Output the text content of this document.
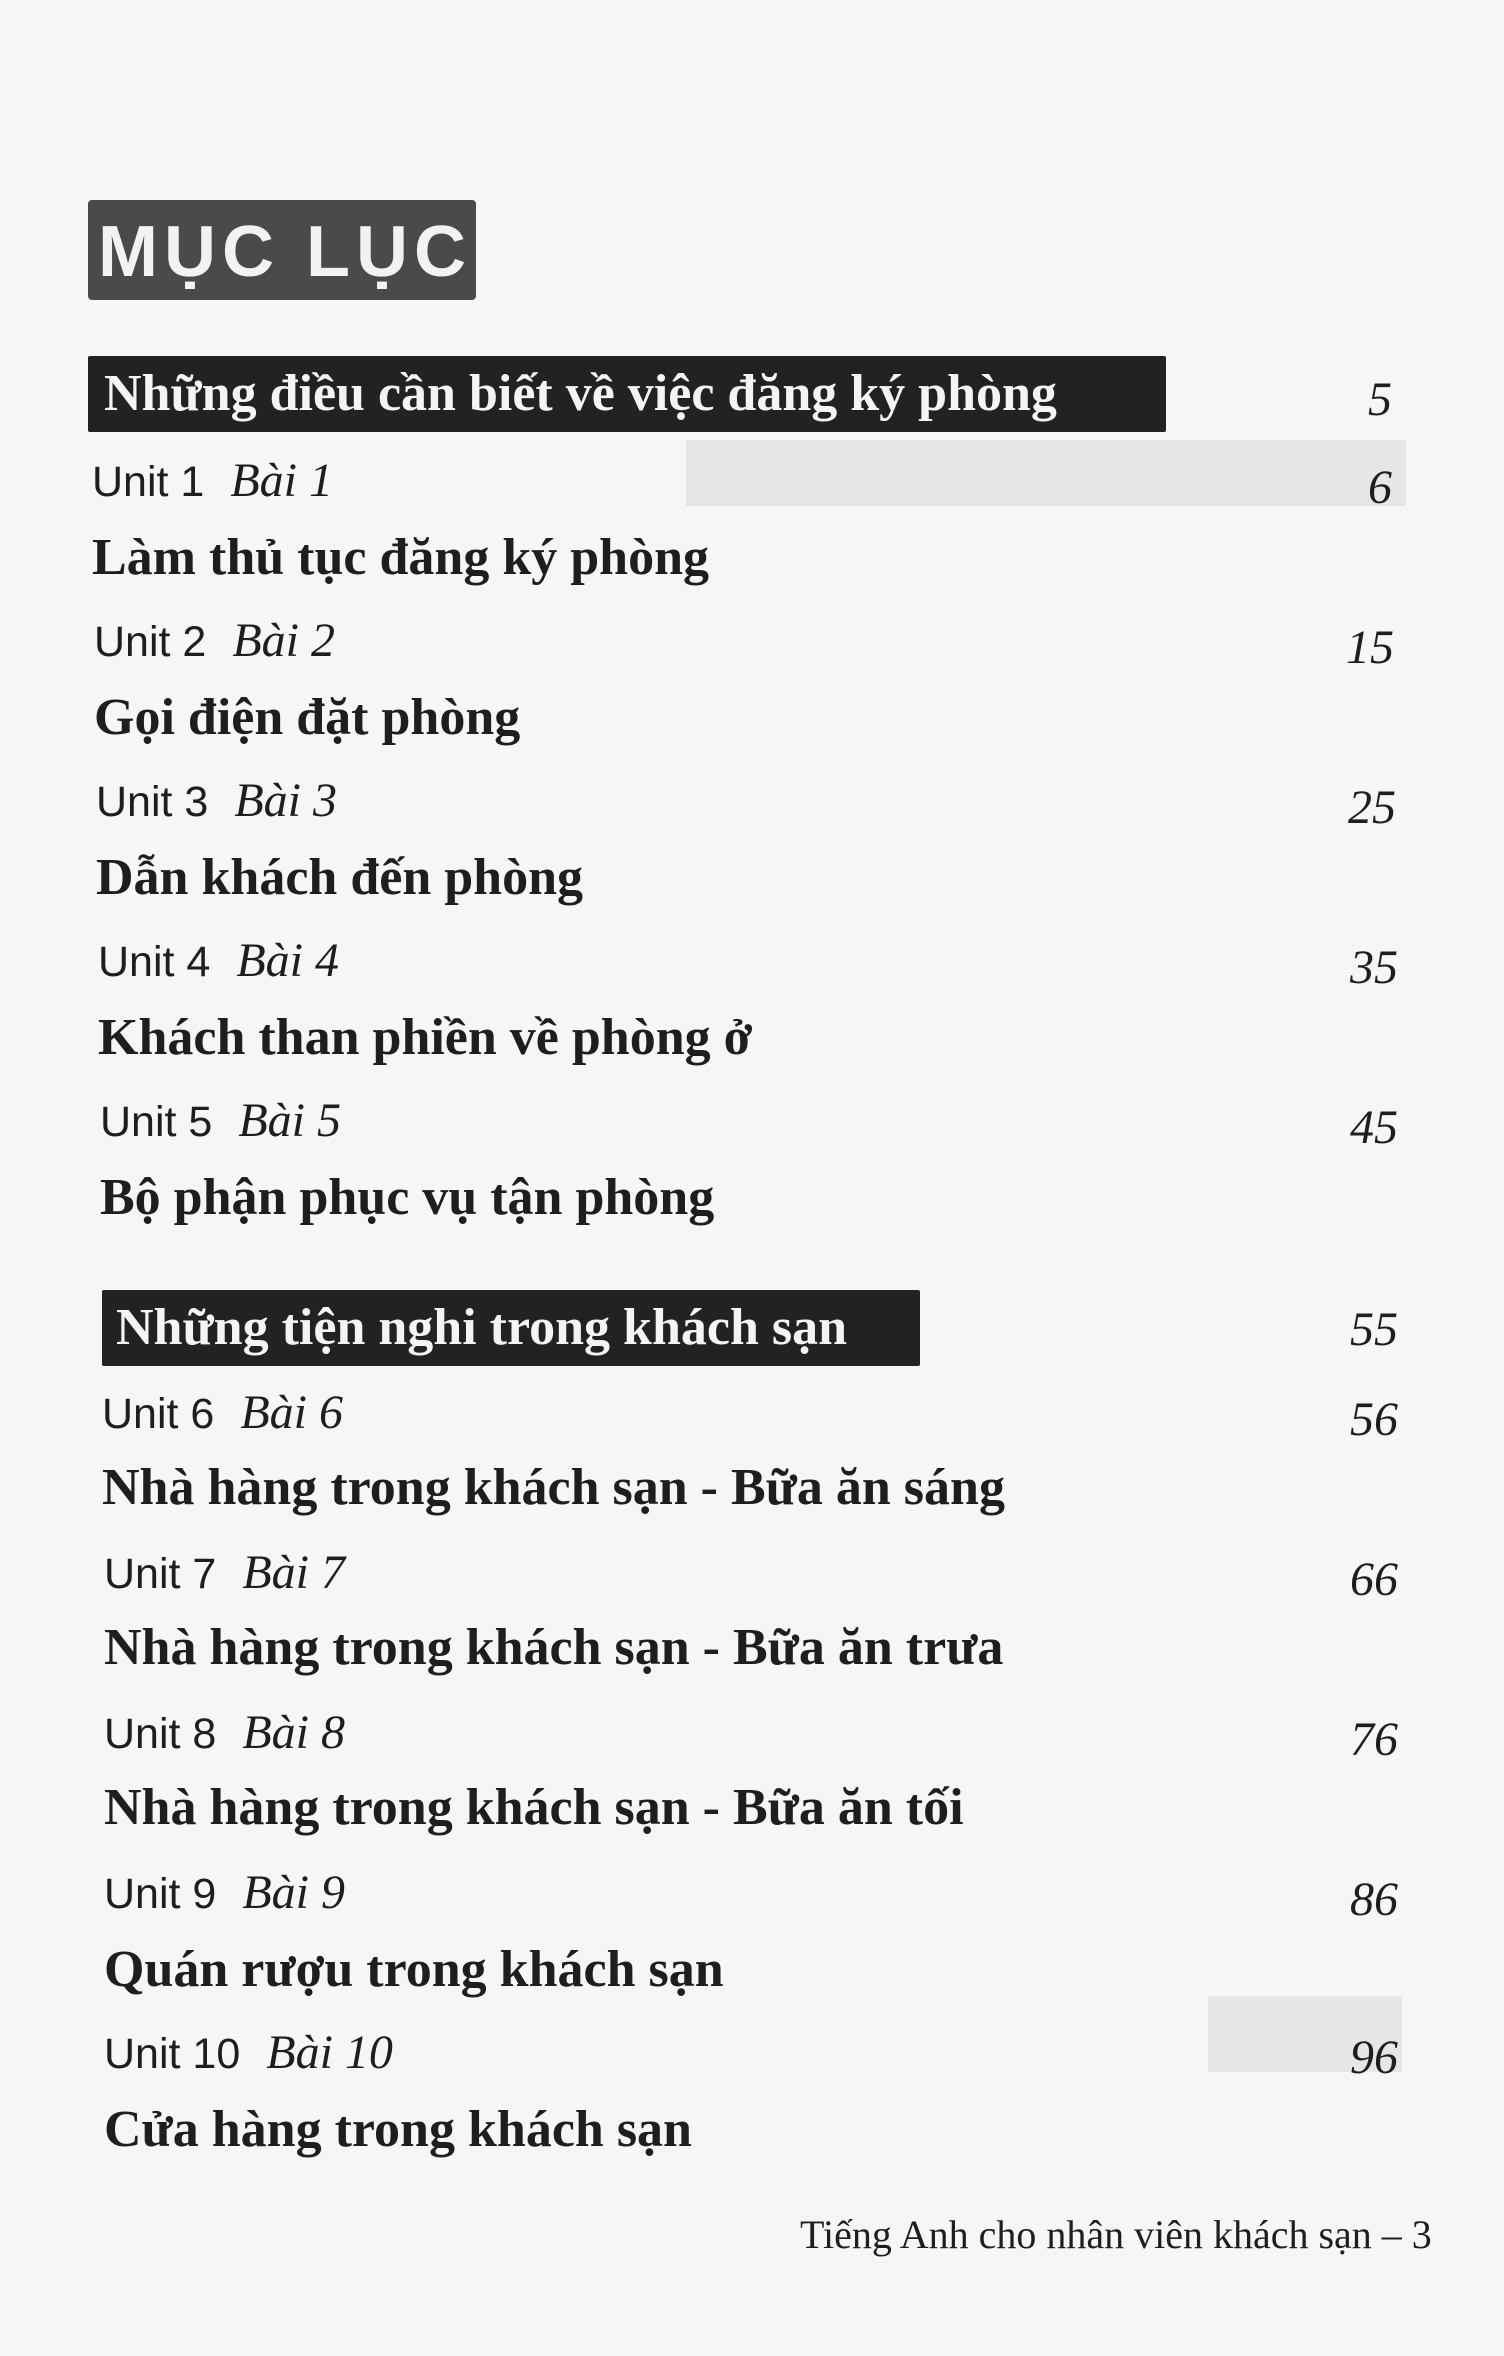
MỤC LỤC
Những điều cần biết về việc đăng ký phòng	5
Unit 1 Bài 1	6
Làm thủ tục đăng ký phòng
Unit 2 Bài 2	15
Gọi điện đặt phòng
Unit 3 Bài 3	25
Dẫn khách đến phòng
Unit 4 Bài 4	35
Khách than phiền về phòng ở
Unit 5 Bài 5	45
Bộ phận phục vụ tận phòng
Những tiện nghi trong khách sạn	55
Unit 6 Bài 6	56
Nhà hàng trong khách sạn - Bữa ăn sáng
Unit 7 Bài 7	66
Nhà hàng trong khách sạn - Bữa ăn trưa
Unit 8 Bài 8	76
Nhà hàng trong khách sạn - Bữa ăn tối
Unit 9 Bài 9	86
Quán rượu trong khách sạn
Unit 10 Bài 10	96
Cửa hàng trong khách sạn
Tiếng Anh cho nhân viên khách sạn – 3
